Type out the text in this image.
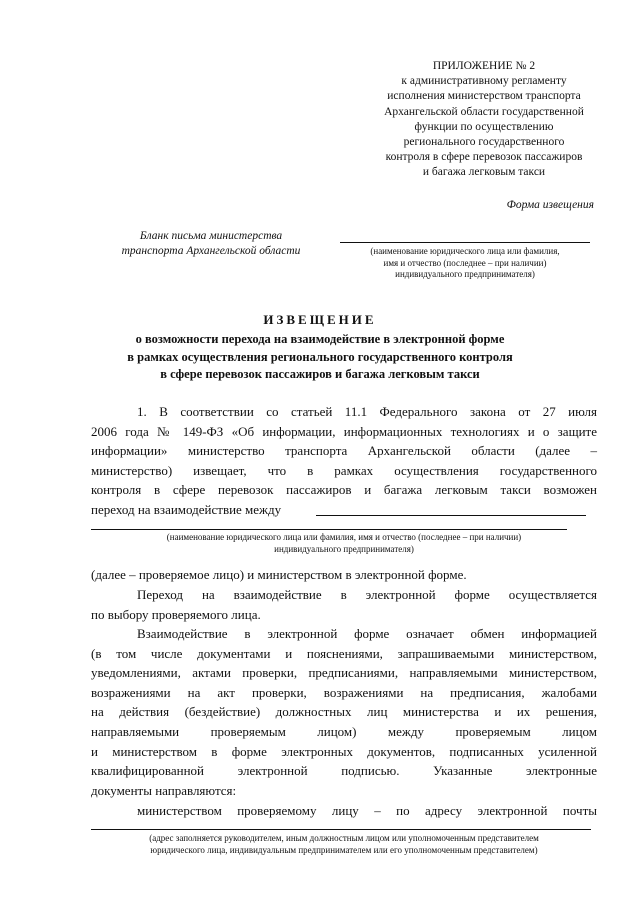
ПРИЛОЖЕНИЕ № 2
к административному регламенту
исполнения министерством транспорта
Архангельской области государственной
функции по осуществлению
регионального государственного
контроля в сфере перевозок пассажиров
и багажа легковым такси
Форма извещения
Бланк письма министерства
транспорта Архангельской области	(наименование юридического лица или фамилия,
имя и отчество (последнее – при наличии)
индивидуального предпринимателя)
ИЗВЕЩЕНИЕ
о возможности перехода на взаимодействие в электронной форме
в рамках осуществления регионального государственного контроля
в сфере перевозок пассажиров и багажа легковым такси
1. В соответствии со статьей 11.1 Федерального закона от 27 июля
2006 года № 149-ФЗ «Об информации, информационных технологиях и о защите
информации» министерство транспорта Архангельской области (далее –
министерство) извещает, что в рамках осуществления государственного
контроля в сфере перевозок пассажиров и багажа легковым такси возможен
переход на взаимодействие между
(наименование юридического лица или фамилия, имя и отчество (последнее – при наличии)
индивидуального предпринимателя)
(далее – проверяемое лицо) и министерством в электронной форме.
Переход на взаимодействие в электронной форме осуществляется
по выбору проверяемого лица.
Взаимодействие в электронной форме означает обмен информацией
(в том числе документами и пояснениями, запрашиваемыми министерством,
уведомлениями, актами проверки, предписаниями, направляемыми министерством,
возражениями на акт проверки, возражениями на предписания, жалобами
на действия (бездействие) должностных лиц министерства и их решения,
направляемыми проверяемым лицом) между проверяемым лицом
и министерством в форме электронных документов, подписанных усиленной
квалифицированной электронной подписью. Указанные электронные
документы направляются:
министерством проверяемому лицу – по адресу электронной почты
(адрес заполняется руководителем, иным должностным лицом или уполномоченным представителем
юридического лица, индивидуальным предпринимателем или его уполномоченным представителем)
